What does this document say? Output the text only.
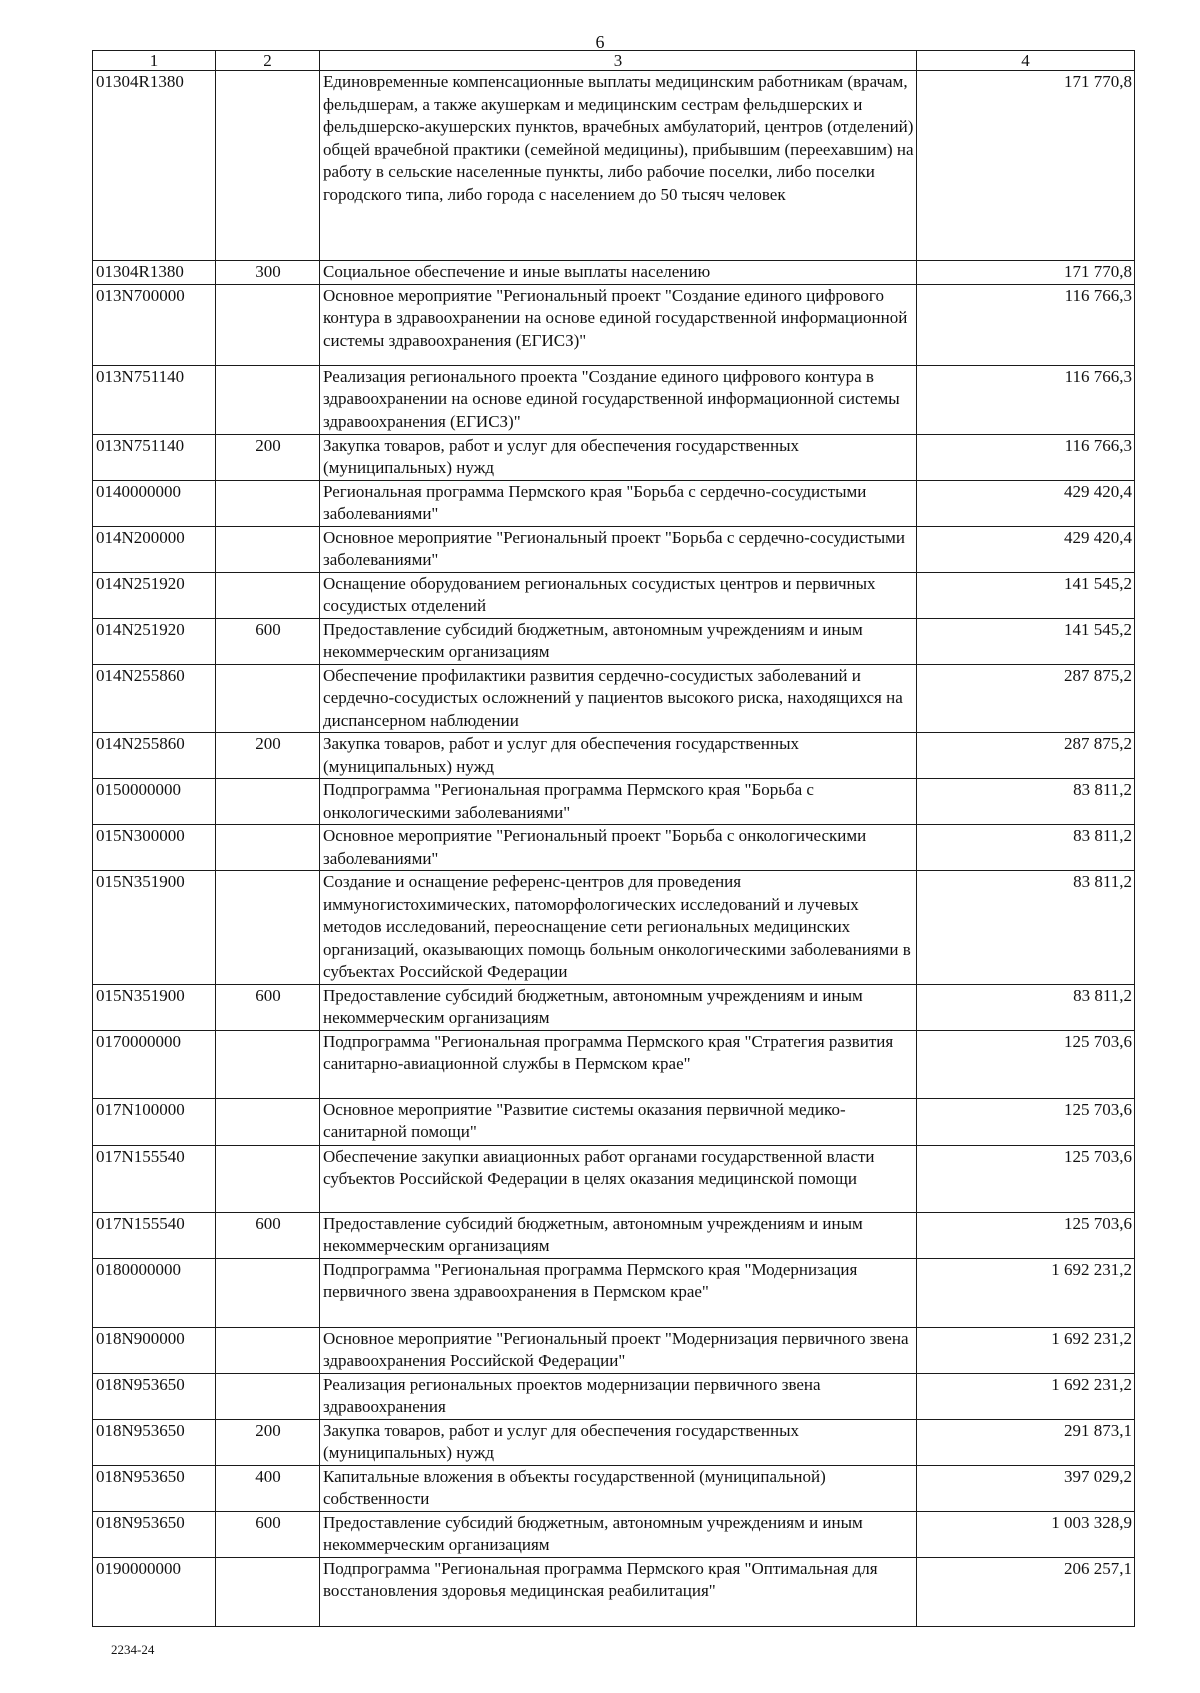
6
1	2	3	4
01304R1380		Единовременные компенсационные выплаты медицинским работникам (врачам, фельдшерам, а также акушеркам и медицинским сестрам фельдшерских и фельдшерско-акушерских пунктов, врачебных амбулаторий, центров (отделений) общей врачебной практики (семейной медицины), прибывшим (переехавшим) на работу в сельские населенные пункты, либо рабочие поселки, либо поселки городского типа, либо города с населением до 50 тысяч человек	171 770,8
01304R1380	300	Социальное обеспечение и иные выплаты населению	171 770,8
013N700000		Основное мероприятие "Региональный проект "Создание единого цифрового контура в здравоохранении на основе единой государственной информационной системы здравоохранения (ЕГИСЗ)"	116 766,3
013N751140		Реализация регионального проекта "Создание единого цифрового контура в здравоохранении на основе единой государственной информационной системы здравоохранения (ЕГИСЗ)"	116 766,3
013N751140	200	Закупка товаров, работ и услуг для обеспечения государственных (муниципальных) нужд	116 766,3
0140000000		Региональная программа Пермского края "Борьба с сердечно-сосудистыми заболеваниями"	429 420,4
014N200000		Основное мероприятие "Региональный проект "Борьба с сердечно-сосудистыми заболеваниями"	429 420,4
014N251920		Оснащение оборудованием региональных сосудистых центров и первичных сосудистых отделений	141 545,2
014N251920	600	Предоставление субсидий бюджетным, автономным учреждениям и иным некоммерческим организациям	141 545,2
014N255860		Обеспечение профилактики развития сердечно-сосудистых заболеваний и сердечно-сосудистых осложнений у пациентов высокого риска, находящихся на диспансерном наблюдении	287 875,2
014N255860	200	Закупка товаров, работ и услуг для обеспечения государственных (муниципальных) нужд	287 875,2
0150000000		Подпрограмма "Региональная программа Пермского края "Борьба с онкологическими заболеваниями"	83 811,2
015N300000		Основное мероприятие "Региональный проект "Борьба с онкологическими заболеваниями"	83 811,2
015N351900		Создание и оснащение референс-центров для проведения иммуногистохимических, патоморфологических исследований и лучевых методов исследований, переоснащение сети региональных медицинских организаций, оказывающих помощь больным онкологическими заболеваниями в субъектах Российской Федерации	83 811,2
015N351900	600	Предоставление субсидий бюджетным, автономным учреждениям и иным некоммерческим организациям	83 811,2
0170000000		Подпрограмма "Региональная программа Пермского края "Стратегия развития санитарно-авиационной службы в Пермском крае"	125 703,6
017N100000		Основное мероприятие "Развитие системы оказания первичной медико-санитарной помощи"	125 703,6
017N155540		Обеспечение закупки авиационных работ органами государственной власти субъектов Российской Федерации в целях оказания медицинской помощи	125 703,6
017N155540	600	Предоставление субсидий бюджетным, автономным учреждениям и иным некоммерческим организациям	125 703,6
0180000000		Подпрограмма "Региональная программа Пермского края "Модернизация первичного звена здравоохранения в Пермском крае"	1 692 231,2
018N900000		Основное мероприятие "Региональный проект "Модернизация первичного звена здравоохранения Российской Федерации"	1 692 231,2
018N953650		Реализация региональных проектов модернизации первичного звена здравоохранения	1 692 231,2
018N953650	200	Закупка товаров, работ и услуг для обеспечения государственных (муниципальных) нужд	291 873,1
018N953650	400	Капитальные вложения в объекты государственной (муниципальной) собственности	397 029,2
018N953650	600	Предоставление субсидий бюджетным, автономным учреждениям и иным некоммерческим организациям	1 003 328,9
0190000000		Подпрограмма "Региональная программа Пермского края "Оптимальная для восстановления здоровья медицинская реабилитация"	206 257,1
2234-24
